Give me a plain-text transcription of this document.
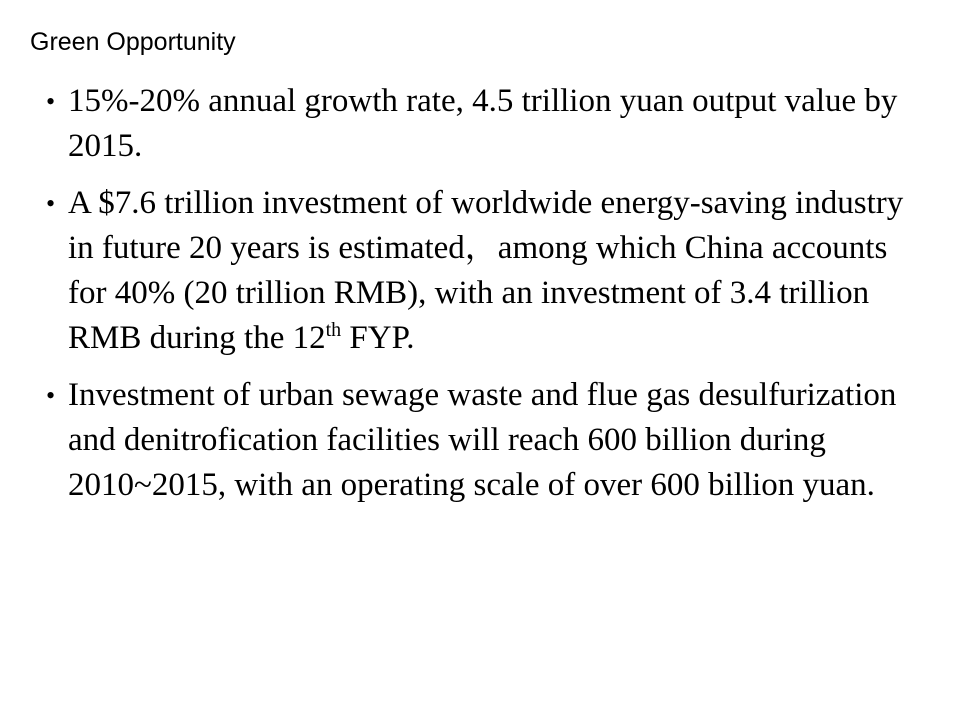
Green Opportunity
• 15%-20% annual growth rate, 4.5 trillion yuan output value by 2015.
• A $7.6 trillion investment of worldwide energy-saving industry in future 20 years is estimated，among which China accounts for 40% (20 trillion RMB), with an investment of 3.4 trillion RMB during the 12th FYP.
• Investment of urban sewage waste and flue gas desulfurization and denitrofication facilities will reach 600 billion during 2010~2015, with an operating scale of over 600 billion yuan.
